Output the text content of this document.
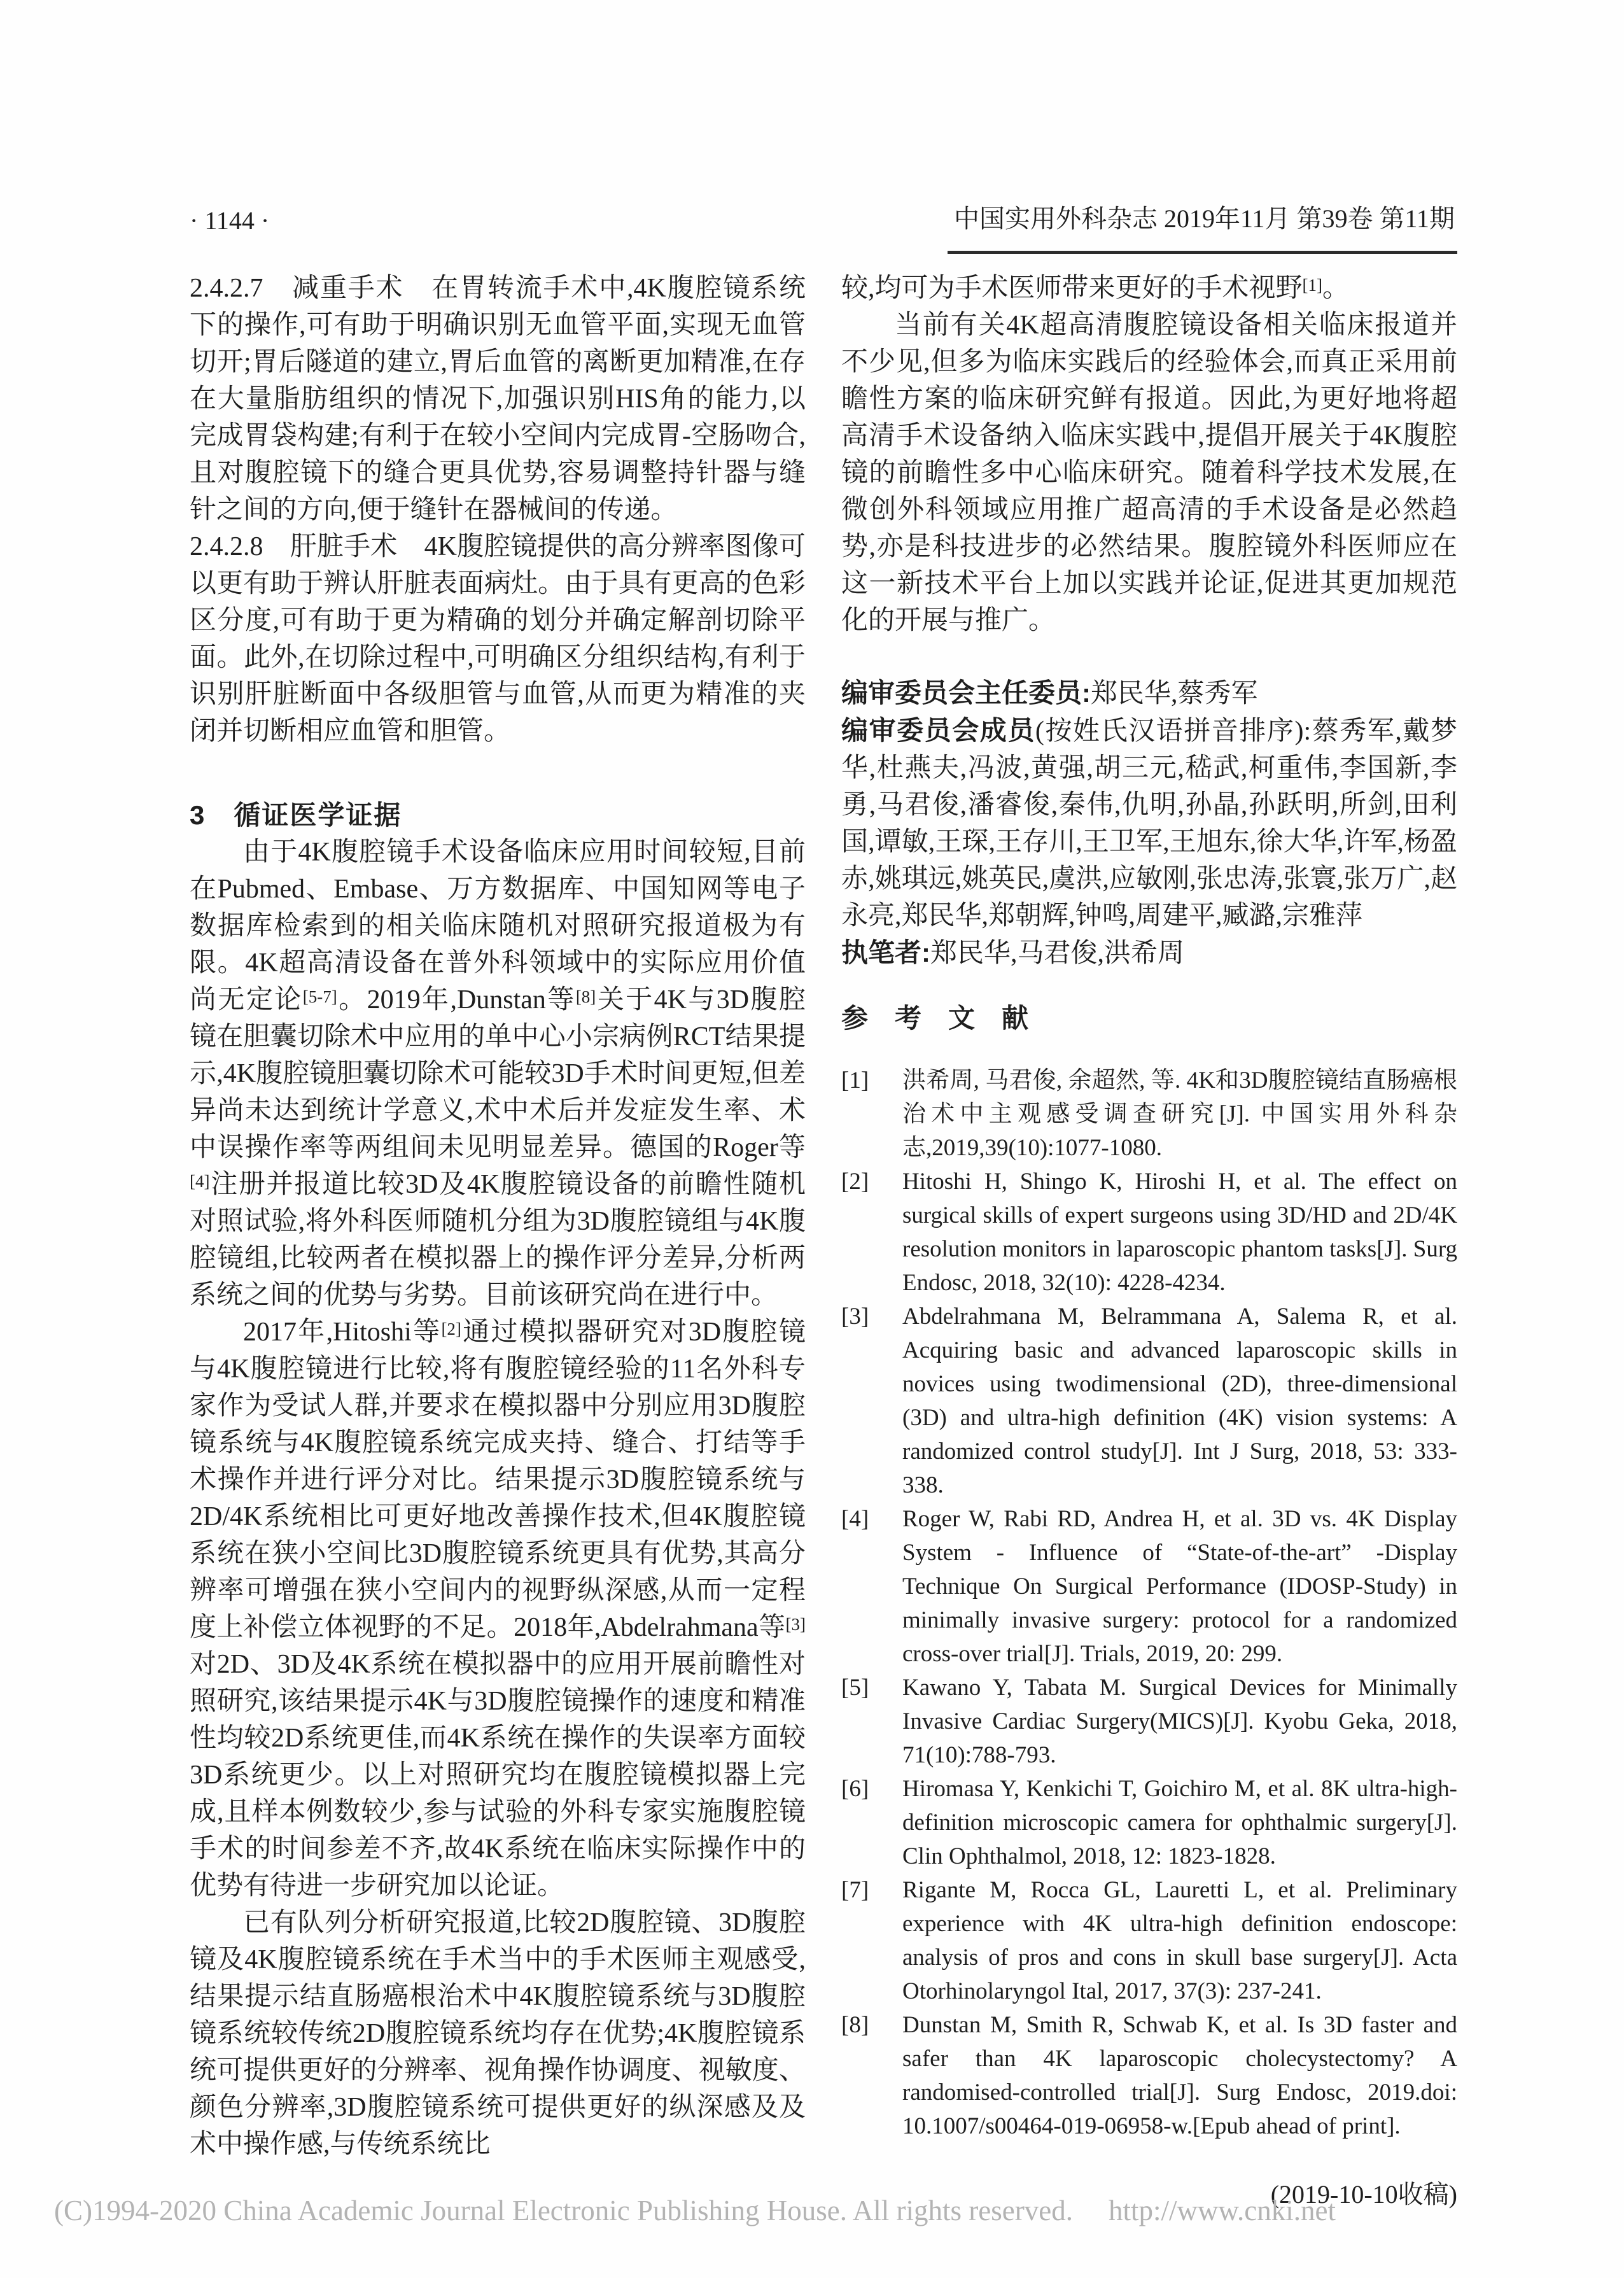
· 1144 ·	中国实用外科杂志 2019年11月 第39卷 第11期

2.4.2.7　减重手术　在胃转流手术中,4K腹腔镜系统下的操作,可有助于明确识别无血管平面,实现无血管切开;胃后隧道的建立,胃后血管的离断更加精准,在存在大量脂肪组织的情况下,加强识别HIS角的能力,以完成胃袋构建;有利于在较小空间内完成胃-空肠吻合,且对腹腔镜下的缝合更具优势,容易调整持针器与缝针之间的方向,便于缝针在器械间的传递。

2.4.2.8　肝脏手术　4K腹腔镜提供的高分辨率图像可以更有助于辨认肝脏表面病灶。由于具有更高的色彩区分度,可有助于更为精确的划分并确定解剖切除平面。此外,在切除过程中,可明确区分组织结构,有利于识别肝脏断面中各级胆管与血管,从而更为精准的夹闭并切断相应血管和胆管。

3　循证医学证据

由于4K腹腔镜手术设备临床应用时间较短,目前在Pubmed、Embase、万方数据库、中国知网等电子数据库检索到的相关临床随机对照研究报道极为有限。4K超高清设备在普外科领域中的实际应用价值尚无定论[5-7]。2019年,Dunstan等[8]关于4K与3D腹腔镜在胆囊切除术中应用的单中心小宗病例RCT结果提示,4K腹腔镜胆囊切除术可能较3D手术时间更短,但差异尚未达到统计学意义,术中术后并发症发生率、术中误操作率等两组间未见明显差异。德国的Roger等[4]注册并报道比较3D及4K腹腔镜设备的前瞻性随机对照试验,将外科医师随机分组为3D腹腔镜组与4K腹腔镜组,比较两者在模拟器上的操作评分差异,分析两系统之间的优势与劣势。目前该研究尚在进行中。

2017年,Hitoshi等[2]通过模拟器研究对3D腹腔镜与4K腹腔镜进行比较,将有腹腔镜经验的11名外科专家作为受试人群,并要求在模拟器中分别应用3D腹腔镜系统与4K腹腔镜系统完成夹持、缝合、打结等手术操作并进行评分对比。结果提示3D腹腔镜系统与2D/4K系统相比可更好地改善操作技术,但4K腹腔镜系统在狭小空间比3D腹腔镜系统更具有优势,其高分辨率可增强在狭小空间内的视野纵深感,从而一定程度上补偿立体视野的不足。2018年,Abdelrahmana等[3]对2D、3D及4K系统在模拟器中的应用开展前瞻性对照研究,该结果提示4K与3D腹腔镜操作的速度和精准性均较2D系统更佳,而4K系统在操作的失误率方面较3D系统更少。以上对照研究均在腹腔镜模拟器上完成,且样本例数较少,参与试验的外科专家实施腹腔镜手术的时间参差不齐,故4K系统在临床实际操作中的优势有待进一步研究加以论证。

已有队列分析研究报道,比较2D腹腔镜、3D腹腔镜及4K腹腔镜系统在手术当中的手术医师主观感受,结果提示结直肠癌根治术中4K腹腔镜系统与3D腹腔镜系统较传统2D腹腔镜系统均存在优势;4K腹腔镜系统可提供更好的分辨率、视角操作协调度、视敏度、颜色分辨率,3D腹腔镜系统可提供更好的纵深感及及术中操作感,与传统系统比

较,均可为手术医师带来更好的手术视野[1]。

当前有关4K超高清腹腔镜设备相关临床报道并不少见,但多为临床实践后的经验体会,而真正采用前瞻性方案的临床研究鲜有报道。因此,为更好地将超高清手术设备纳入临床实践中,提倡开展关于4K腹腔镜的前瞻性多中心临床研究。随着科学技术发展,在微创外科领域应用推广超高清的手术设备是必然趋势,亦是科技进步的必然结果。腹腔镜外科医师应在这一新技术平台上加以实践并论证,促进其更加规范化的开展与推广。

编审委员会主任委员:郑民华,蔡秀军

编审委员会成员(按姓氏汉语拼音排序):蔡秀军,戴梦华,杜燕夫,冯波,黄强,胡三元,嵇武,柯重伟,李国新,李勇,马君俊,潘睿俊,秦伟,仇明,孙晶,孙跃明,所剑,田利国,谭敏,王琛,王存川,王卫军,王旭东,徐大华,许军,杨盈赤,姚琪远,姚英民,虞洪,应敏刚,张忠涛,张寰,张万广,赵永亮,郑民华,郑朝辉,钟鸣,周建平,臧潞,宗雅萍

执笔者:郑民华,马君俊,洪希周

参　考　文　献
[1] 洪希周, 马君俊, 余超然, 等. 4K和3D腹腔镜结直肠癌根治术中主观感受调查研究[J]. 中国实用外科杂志,2019,39(10):1077-1080.
[2] Hitoshi H, Shingo K, Hiroshi H, et al. The effect on surgical skills of expert surgeons using 3D/HD and 2D/4K resolution monitors in laparoscopic phantom tasks[J]. Surg Endosc, 2018, 32(10): 4228-4234.
[3] Abdelrahmana M, Belrammana A, Salema R, et al. Acquiring basic and advanced laparoscopic skills in novices using twodimensional (2D), three-dimensional (3D) and ultra-high definition (4K) vision systems: A randomized control study[J]. Int J Surg, 2018, 53: 333-338.
[4] Roger W, Rabi RD, Andrea H, et al. 3D vs. 4K Display System - Influence of “State-of-the-art” -Display Technique On Surgical Performance (IDOSP-Study) in minimally invasive surgery: protocol for a randomized cross-over trial[J]. Trials, 2019, 20: 299.
[5] Kawano Y, Tabata M. Surgical Devices for Minimally Invasive Cardiac Surgery(MICS)[J]. Kyobu Geka, 2018, 71(10):788-793.
[6] Hiromasa Y, Kenkichi T, Goichiro M, et al. 8K ultra-high-definition microscopic camera for ophthalmic surgery[J]. Clin Ophthalmol, 2018, 12: 1823-1828.
[7] Rigante M, Rocca GL, Lauretti L, et al. Preliminary experience with 4K ultra-high definition endoscope: analysis of pros and cons in skull base surgery[J]. Acta Otorhinolaryngol Ital, 2017, 37(3): 237-241.
[8] Dunstan M, Smith R, Schwab K, et al. Is 3D faster and safer than 4K laparoscopic cholecystectomy? A randomised-controlled trial[J]. Surg Endosc, 2019.doi: 10.1007/s00464-019-06958-w.[Epub ahead of print].

(2019-10-10收稿)

(C)1994-2020 China Academic Journal Electronic Publishing House. All rights reserved. http://www.cnki.net
